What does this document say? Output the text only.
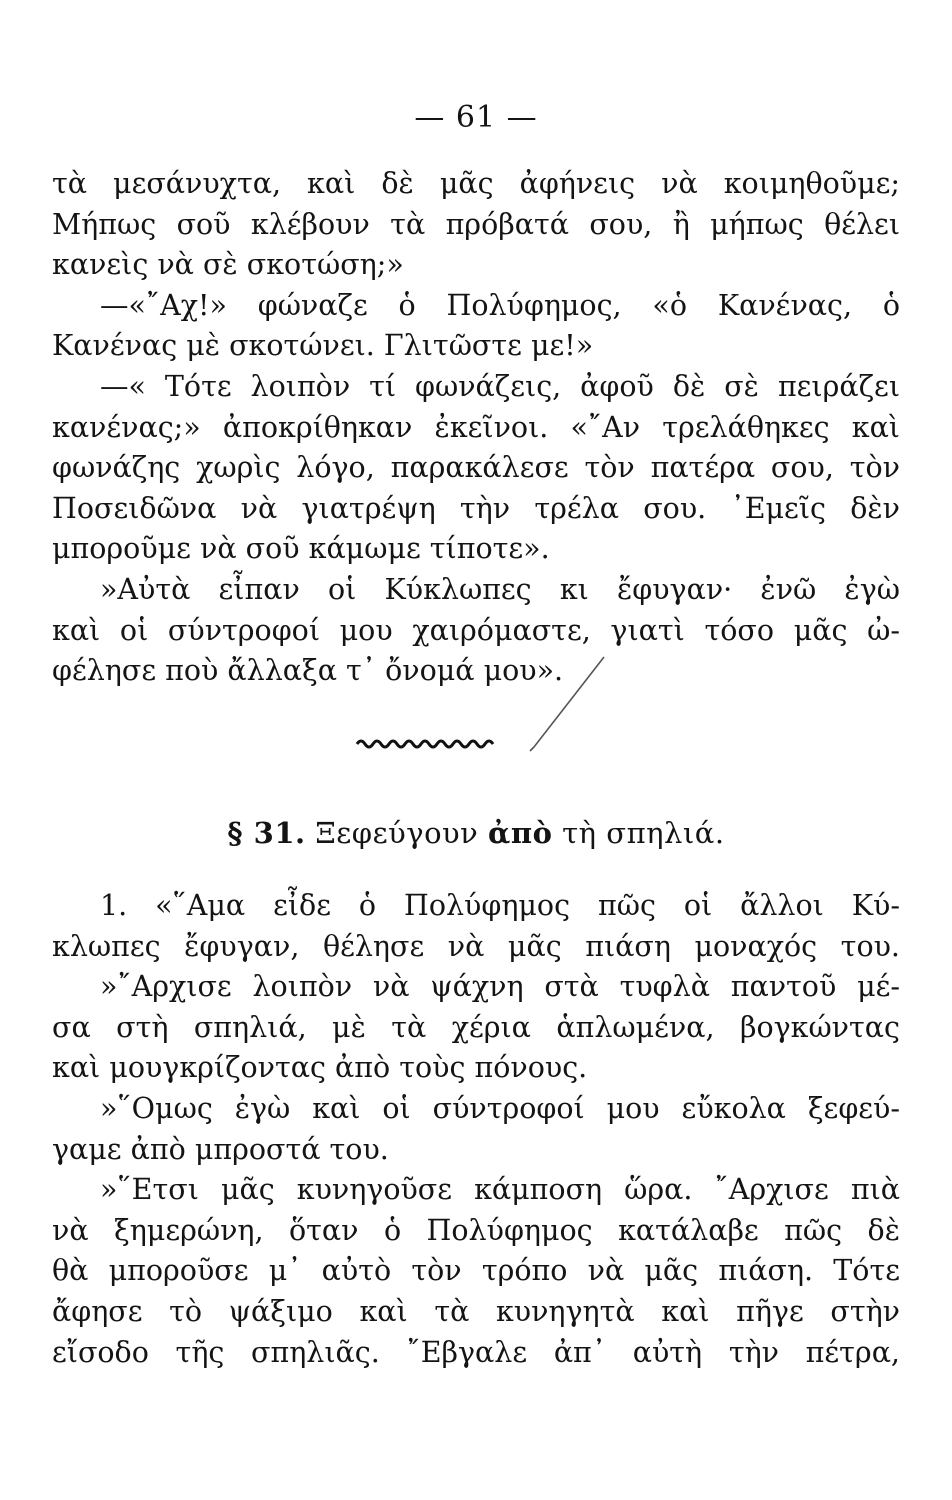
— 61 —
τὰ μεσάνυχτα, καὶ δὲ μᾶς ἀφήνεις νὰ κοιμηθοῦμε;
Μήπως σοῦ κλέβουν τὰ πρόβατά σου, ἢ μήπως θέλει
κανεὶς νὰ σὲ σκοτώση;»
—«῎Αχ!» φώναζε ὁ Πολύφημος, «ὁ Κανένας, ὁ
Κανένας μὲ σκοτώνει. Γλιτῶστε με!»
—« Τότε λοιπὸν τί φωνάζεις, ἀφοῦ δὲ σὲ πειράζει
κανένας;» ἀποκρίθηκαν ἐκεῖνοι. «῎Αν τρελάθηκες καὶ
φωνάζης χωρὶς λόγο, παρακάλεσε τὸν πατέρα σου, τὸν
Ποσειδῶνα νὰ γιατρέψη τὴν τρέλα σου. ᾿Εμεῖς δὲν
μποροῦμε νὰ σοῦ κάμωμε τίποτε».
»Αὐτὰ εἶπαν οἱ Κύκλωπες κι ἔφυγαν· ἐνῶ ἐγὼ
καὶ οἱ σύντροφοί μου χαιρόμαστε, γιατὶ τόσο μᾶς ὠ-
φέλησε ποὺ ἄλλαξα τ᾿ ὄνομά μου».
§ 31. Ξεφεύγουν ἀπὸ τὴ σπηλιά.
1. «῞Αμα εἶδε ὁ Πολύφημος πῶς οἱ ἄλλοι Κύ-
κλωπες ἔφυγαν, θέλησε νὰ μᾶς πιάση μοναχός του.
»῎Αρχισε λοιπὸν νὰ ψάχνη στὰ τυφλὰ παντοῦ μέ-
σα στὴ σπηλιά, μὲ τὰ χέρια ἁπλωμένα, βογκώντας
καὶ μουγκρίζοντας ἀπὸ τοὺς πόνους.
»῞Ομως ἐγὼ καὶ οἱ σύντροφοί μου εὔκολα ξεφεύ-
γαμε ἀπὸ μπροστά του.
»῞Ετσι μᾶς κυνηγοῦσε κάμποση ὥρα. ῎Αρχισε πιὰ
νὰ ξημερώνη, ὅταν ὁ Πολύφημος κατάλαβε πῶς δὲ
θὰ μποροῦσε μ᾿ αὐτὸ τὸν τρόπο νὰ μᾶς πιάση. Τότε
ἄφησε τὸ ψάξιμο καὶ τὰ κυνηγητὰ καὶ πῆγε στὴν
εἴσοδο τῆς σπηλιᾶς. ῎Εβγαλε ἀπ᾿ αὐτὴ τὴν πέτρα,
